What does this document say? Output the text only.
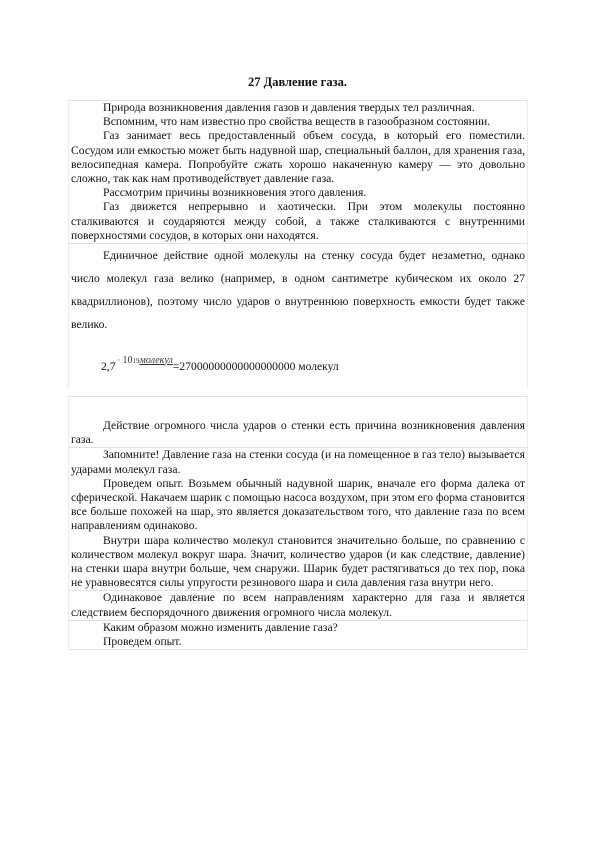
27 Давление газа.

Природа возникновения давления газов и давления твердых тел различная.

Вспомним, что нам известно про свойства веществ в газообразном состоянии.

Газ занимает весь предоставленный объем сосуда, в который его поместили. Сосудом или емкостью может быть надувной шар, специальный баллон, для хранения газа, велосипедная камера. Попробуйте сжать хорошо накаченную камеру — это довольно сложно, так как нам противодействует давление газа.

Рассмотрим причины возникновения этого давления.

Газ движется непрерывно и хаотически. При этом молекулы постоянно сталкиваются и соударяются между собой, а также сталкиваются с внутренними поверхностями сосудов, в которых они находятся.

Единичное действие одной молекулы на стенку сосуда будет незаметно, однако число молекул газа велико (например, в одном сантиметре кубическом их около 27 квадриллионов), поэтому число ударов о внутреннюю поверхность емкости будет также велико.

2,7 · 10 19 молекул =27000000000000000000 молекул

Действие огромного числа ударов о стенки есть причина возникновения давления газа.

Запомните! Давление газа на стенки сосуда (и на помещенное в газ тело) вызывается ударами молекул газа.

Проведем опыт. Возьмем обычный надувной шарик, вначале его форма далека от сферической. Накачаем шарик с помощью насоса воздухом, при этом его форма становится все больше похожей на шар, это является доказательством того, что давление газа по всем направлениям одинаково.

Внутри шара количество молекул становится значительно больше, по сравнению с количеством молекул вокруг шара. Значит, количество ударов (и как следствие, давление) на стенки шара внутри больше, чем снаружи. Шарик будет растягиваться до тех пор, пока не уравновесятся силы упругости резинового шара и сила давления газа внутри него.

Одинаковое давление по всем направлениям характерно для газа и является следствием беспорядочного движения огромного числа молекул.

Каким образом можно изменить давление газа?

Проведем опыт.
